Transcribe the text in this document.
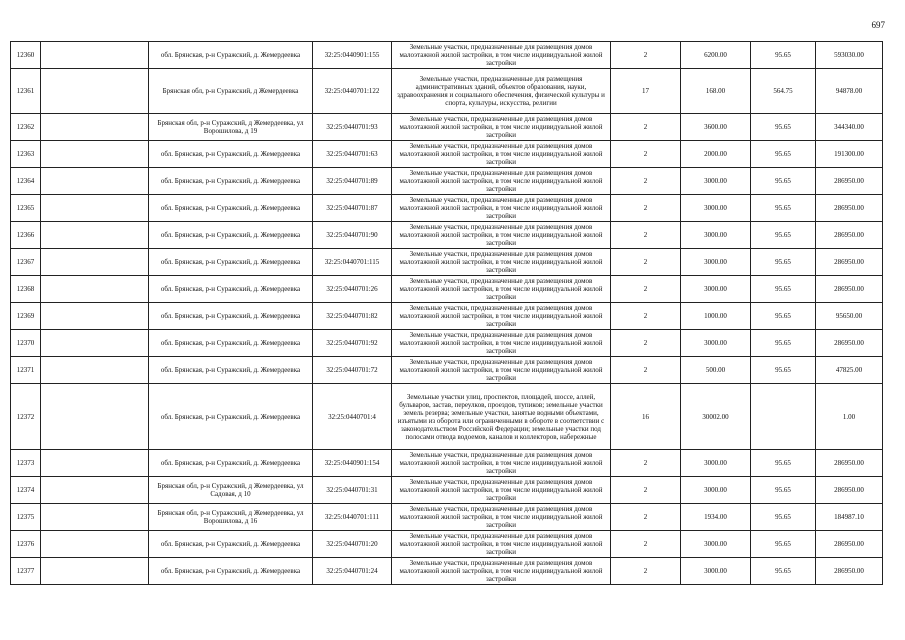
697
12360		обл. Брянская, р-н Суражский, д. Жемердеевка	32:25:0440901:155	Земельные участки, предназначенные для размещения домов малоэтажной жилой застройки, в том числе индивидуальной жилой застройки	2	6200.00	95.65	593030.00
12361		Брянская обл, р-н Суражский, д Жемердеевка	32:25:0440701:122	Земельные участки, предназначенные для размещения административных зданий, объектов образования, науки, здравоохранения и социального обеспечения, физической культуры и спорта, культуры, искусства, религии	17	168.00	564.75	94878.00
12362		Брянская обл, р-н Суражский, д Жемердеевка, ул Ворошилова, д 19	32:25:0440701:93	Земельные участки, предназначенные для размещения домов малоэтажной жилой застройки, в том числе индивидуальной жилой застройки	2	3600.00	95.65	344340.00
12363		обл. Брянская, р-н Суражский, д. Жемердеевка	32:25:0440701:63	Земельные участки, предназначенные для размещения домов малоэтажной жилой застройки, в том числе индивидуальной жилой застройки	2	2000.00	95.65	191300.00
12364		обл. Брянская, р-н Суражский, д. Жемердеевка	32:25:0440701:89	Земельные участки, предназначенные для размещения домов малоэтажной жилой застройки, в том числе индивидуальной жилой застройки	2	3000.00	95.65	286950.00
12365		обл. Брянская, р-н Суражский, д. Жемердеевка	32:25:0440701:87	Земельные участки, предназначенные для размещения домов малоэтажной жилой застройки, в том числе индивидуальной жилой застройки	2	3000.00	95.65	286950.00
12366		обл. Брянская, р-н Суражский, д. Жемердеевка	32:25:0440701:90	Земельные участки, предназначенные для размещения домов малоэтажной жилой застройки, в том числе индивидуальной жилой застройки	2	3000.00	95.65	286950.00
12367		обл. Брянская, р-н Суражский, д. Жемердеевка	32:25:0440701:115	Земельные участки, предназначенные для размещения домов малоэтажной жилой застройки, в том числе индивидуальной жилой застройки	2	3000.00	95.65	286950.00
12368		обл. Брянская, р-н Суражский, д. Жемердеевка	32:25:0440701:26	Земельные участки, предназначенные для размещения домов малоэтажной жилой застройки, в том числе индивидуальной жилой застройки	2	3000.00	95.65	286950.00
12369		обл. Брянская, р-н Суражский, д. Жемердеевка	32:25:0440701:82	Земельные участки, предназначенные для размещения домов малоэтажной жилой застройки, в том числе индивидуальной жилой застройки	2	1000.00	95.65	95650.00
12370		обл. Брянская, р-н Суражский, д. Жемердеевка	32:25:0440701:92	Земельные участки, предназначенные для размещения домов малоэтажной жилой застройки, в том числе индивидуальной жилой застройки	2	3000.00	95.65	286950.00
12371		обл. Брянская, р-н Суражский, д. Жемердеевка	32:25:0440701:72	Земельные участки, предназначенные для размещения домов малоэтажной жилой застройки, в том числе индивидуальной жилой застройки	2	500.00	95.65	47825.00
12372		обл. Брянская, р-н Суражский, д. Жемердеевка	32:25:0440701:4	Земельные участки улиц, проспектов, площадей, шоссе, аллей, бульваров, застав, переулков, проездов, тупиков; земельные участки земель резерва; земельные участки, занятые водными объектами, изъятыми из оборота или ограниченными в обороте в соответствии с законодательством Российской Федерации; земельные участки под полосами отвода водоемов, каналов и коллекторов, набережные	16	30002.00		1.00
12373		обл. Брянская, р-н Суражский, д. Жемердеевка	32:25:0440901:154	Земельные участки, предназначенные для размещения домов малоэтажной жилой застройки, в том числе индивидуальной жилой застройки	2	3000.00	95.65	286950.00
12374		Брянская обл, р-н Суражский, д Жемердеевка, ул Садовая, д 10	32:25:0440701:31	Земельные участки, предназначенные для размещения домов малоэтажной жилой застройки, в том числе индивидуальной жилой застройки	2	3000.00	95.65	286950.00
12375		Брянская обл, р-н Суражский, д Жемердеевка, ул Ворошилова, д 16	32:25:0440701:111	Земельные участки, предназначенные для размещения домов малоэтажной жилой застройки, в том числе индивидуальной жилой застройки	2	1934.00	95.65	184987.10
12376		обл. Брянская, р-н Суражский, д. Жемердеевка	32:25:0440701:20	Земельные участки, предназначенные для размещения домов малоэтажной жилой застройки, в том числе индивидуальной жилой застройки	2	3000.00	95.65	286950.00
12377		обл. Брянская, р-н Суражский, д. Жемердеевка	32:25:0440701:24	Земельные участки, предназначенные для размещения домов малоэтажной жилой застройки, в том числе индивидуальной жилой застройки	2	3000.00	95.65	286950.00
